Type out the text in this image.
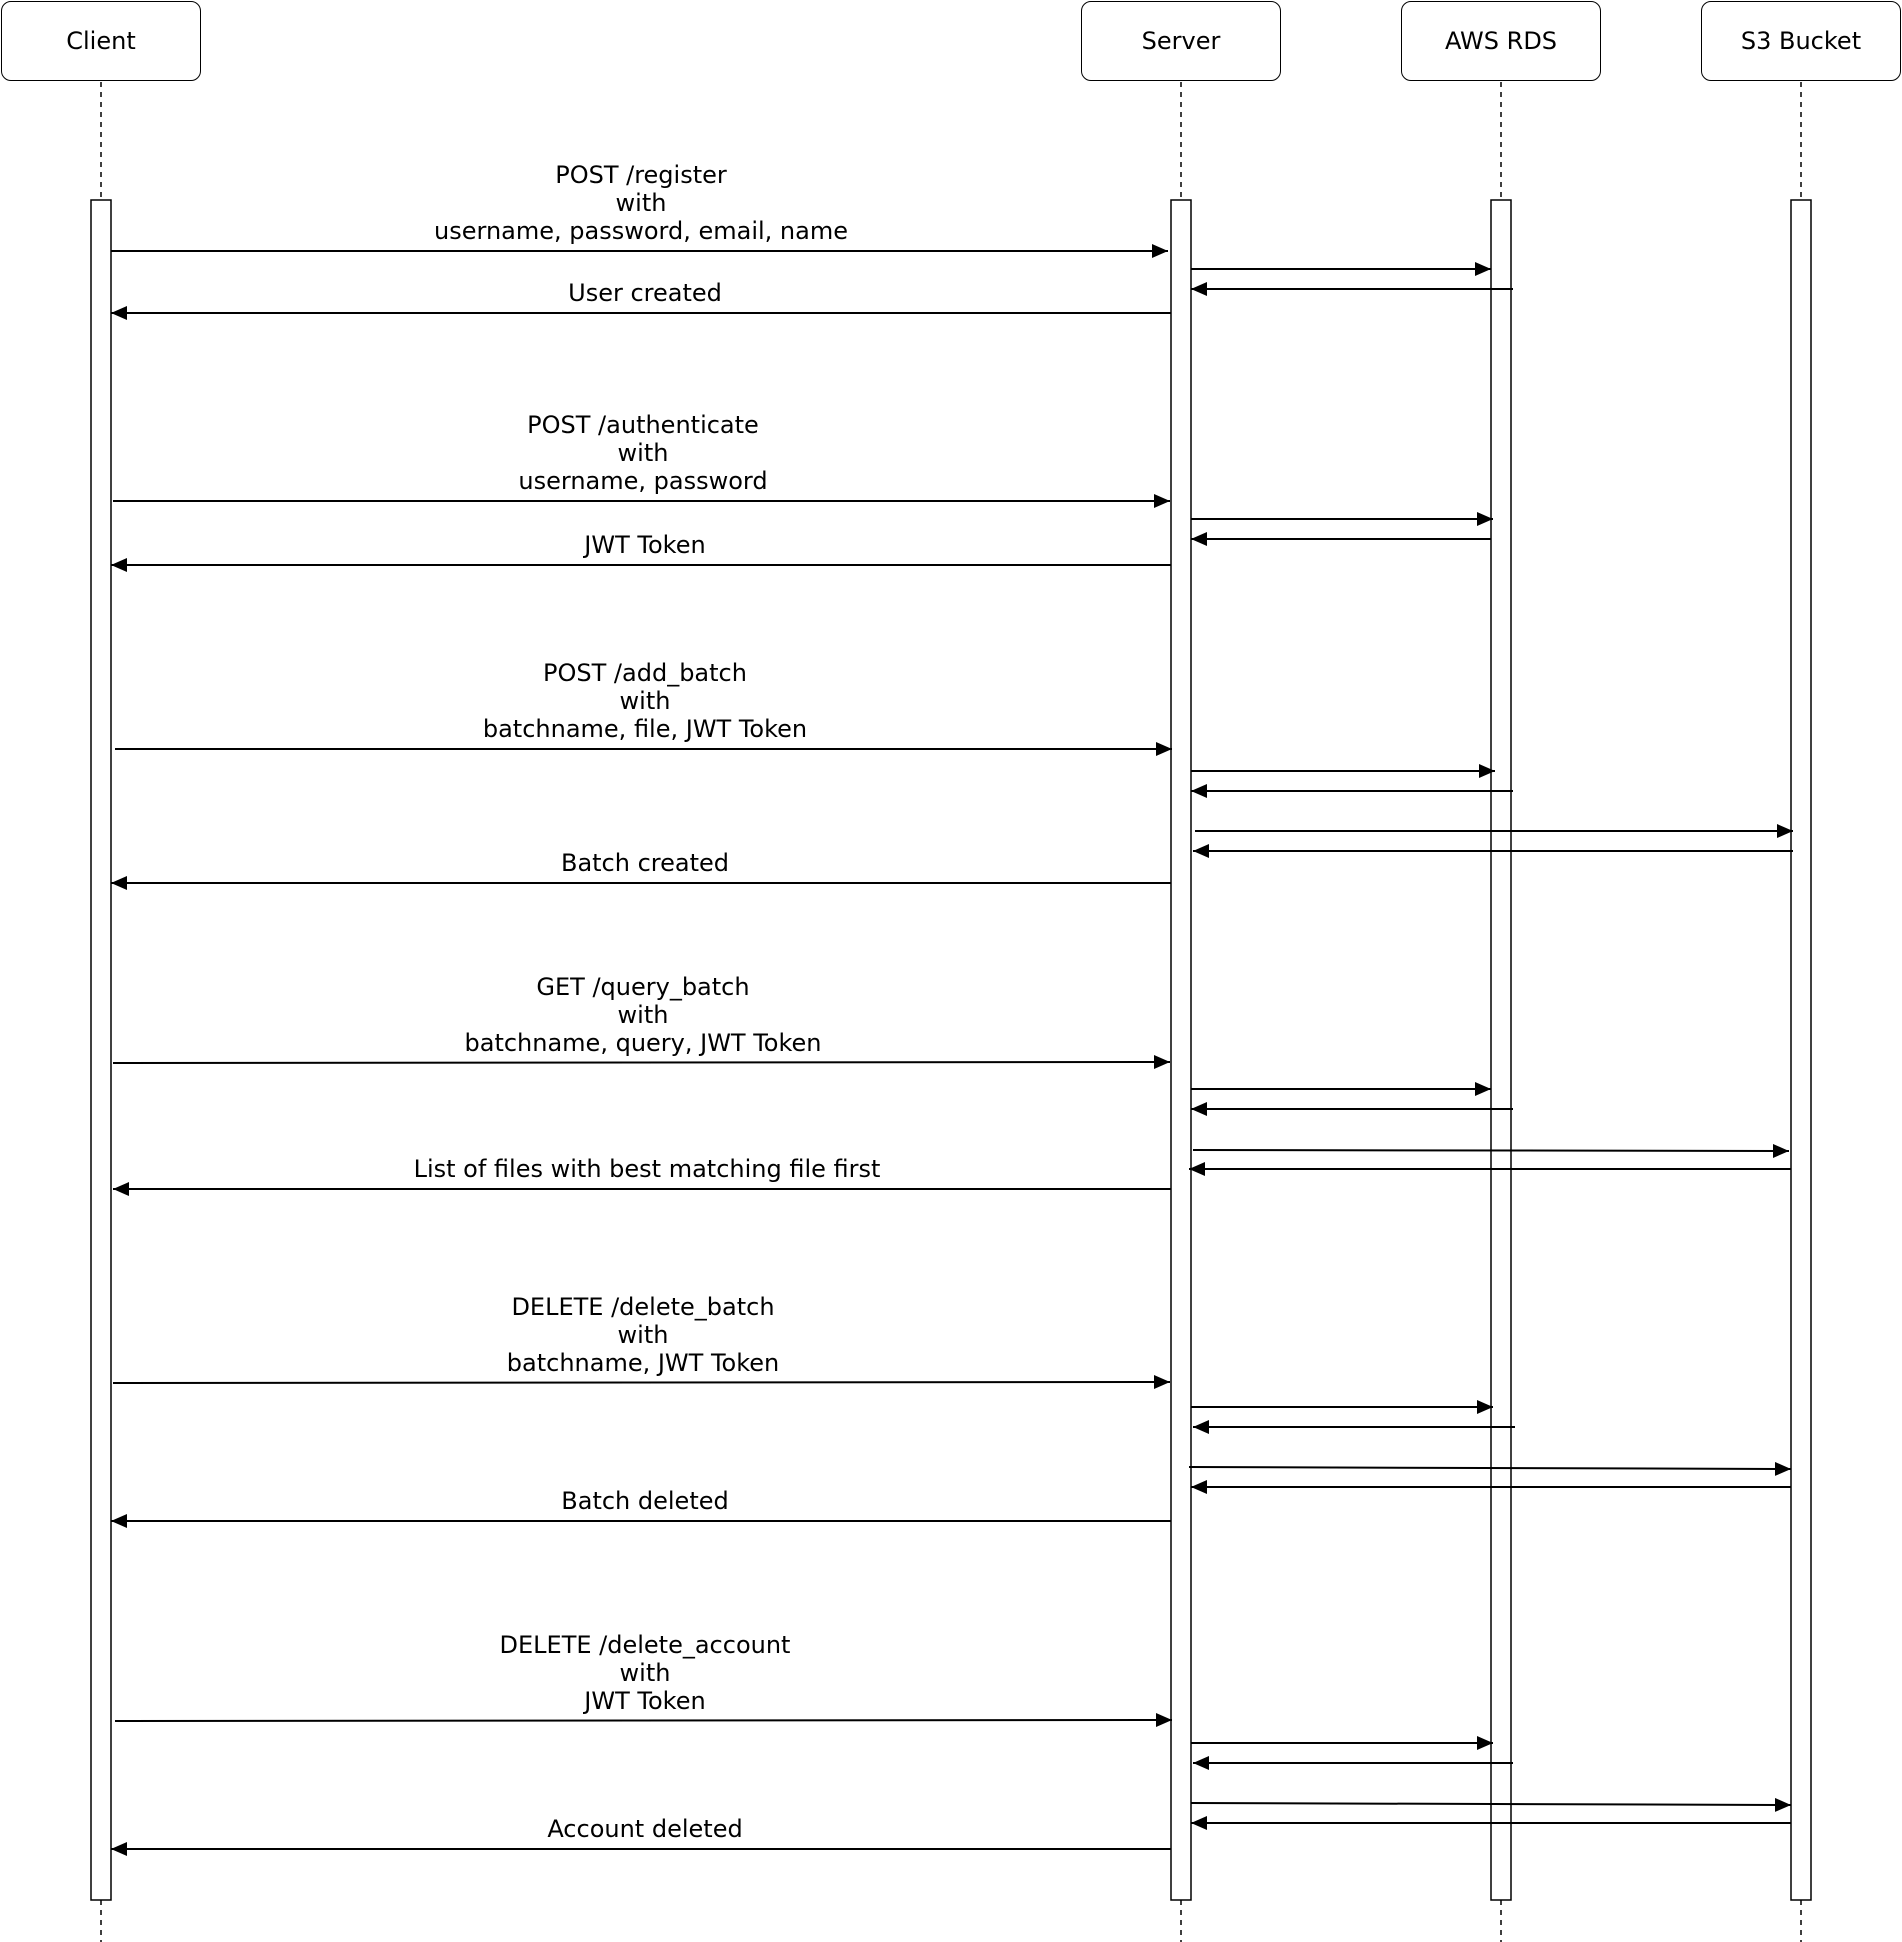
Client	Server	AWS RDS	S3 Bucket
POST /register
with
username, password, email, name
User created
POST /authenticate
with
username, password
JWT Token
POST /add_batch
with
batchname, file, JWT Token
Batch created
GET /query_batch
with
batchname, query, JWT Token
List of files with best matching file first
DELETE /delete_batch
with
batchname, JWT Token
Batch deleted
DELETE /delete_account
with
JWT Token
Account deleted
